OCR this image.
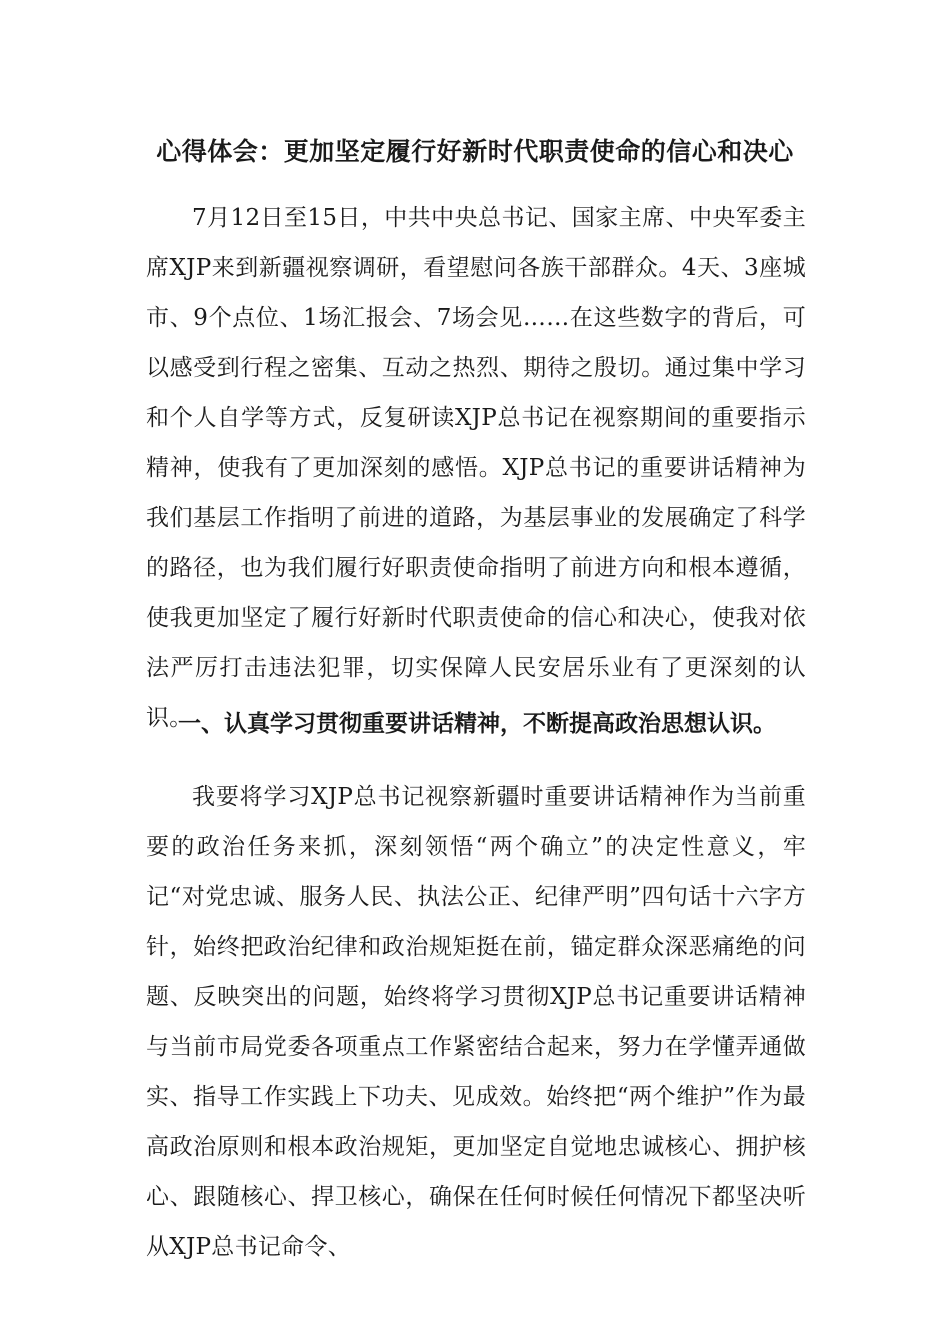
心得体会：更加坚定履行好新时代职责使命的信心和决心

7月12日至15日，中共中央总书记、国家主席、中央军委主席XJP来到新疆视察调研，看望慰问各族干部群众。4天、3座城市、9个点位、1场汇报会、7场会见……在这些数字的背后，可以感受到行程之密集、互动之热烈、期待之殷切。通过集中学习和个人自学等方式，反复研读XJP总书记在视察期间的重要指示精神，使我有了更加深刻的感悟。XJP总书记的重要讲话精神为我们基层工作指明了前进的道路，为基层事业的发展确定了科学的路径，也为我们履行好职责使命指明了前进方向和根本遵循，使我更加坚定了履行好新时代职责使命的信心和决心，使我对依法严厉打击违法犯罪，切实保障人民安居乐业有了更深刻的认识。

一、认真学习贯彻重要讲话精神，不断提高政治思想认识。

我要将学习XJP总书记视察新疆时重要讲话精神作为当前重要的政治任务来抓，深刻领悟“两个确立”的决定性意义，牢记“对党忠诚、服务人民、执法公正、纪律严明”四句话十六字方针，始终把政治纪律和政治规矩挺在前，锚定群众深恶痛绝的问题、反映突出的问题，始终将学习贯彻XJP总书记重要讲话精神与当前市局党委各项重点工作紧密结合起来，努力在学懂弄通做实、指导工作实践上下功夫、见成效。始终把“两个维护”作为最高政治原则和根本政治规矩，更加坚定自觉地忠诚核心、拥护核心、跟随核心、捍卫核心，确保在任何时候任何情况下都坚决听从XJP总书记命令、
